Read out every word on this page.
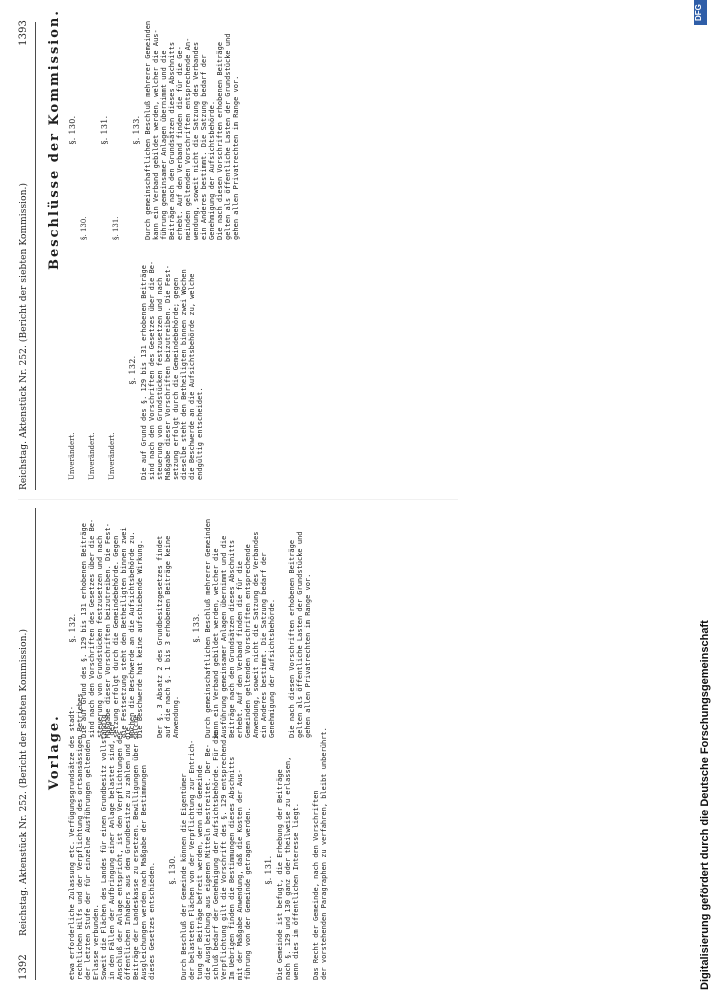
1392
Reichstag. Aktenstück Nr. 252. (Bericht der siebten Kommission.)
Reichstag. Aktenstück Nr. 252. (Bericht der siebten Kommission.)
1393
Vorlage.
Beschlüsse der Kommission.
etwa erforderliche Zulassung etc. Verfügungsgrundsätze des stadt- rechtlichen Hilfs und der Verpflichtung des ortsansässigen Betriebes der letzten Stufe der für einzelne Ausführungen geltenden Erlasse verbunden. Soweit die Flächen des Landes für einen Grundbesitz vollständig in den Fällen der Aufbringung einer Anlage belastet sind, der Anschluß der Anlage entspricht, ist den Verpflichtungen des öffentlichen Inhabers aus dem Grundbesitze zu zahlen und die Beiträge der Landeskasse zu ersetzen. Bewilligungen über solche Ausgleichungen werden nach Maßgabe der Bestimmungen dieses Gesetzes entschieden. §. 130. Durch Beschluß der Gemeinde können die Eigentümer der belasteten Flächen von der Verpflichtung zur Entrich- tung der Beiträge befreit werden, wenn die Gemeinde die Ausgleichung aus eigenen Mitteln bestreitet. Der Be- schluß bedarf der Genehmigung der Aufsichtsbehörde. Für die Verpflichtung gilt die Vorschrift des §. 129 entsprechend. Im Uebrigen finden die Bestimmungen dieses Abschnitts mit der Maßgabe Anwendung, daß die Kosten der Aus- führung von der Gemeinde getragen werden. §. 131. Die Gemeinde ist befugt, die Erhebung der Beiträge nach §. 129 und 130 ganz oder theilweise zu erlassen, wenn dies im öffentlichen Interesse liegt. Das Recht der Gemeinde, nach den Vorschriften der vorstehenden Paragraphen zu verfahren, bleibt unberührt.
§. 132. Die auf Grund des §. 129 bis 131 erhobenen Beiträge sind nach den Vorschriften des Gesetzes über die Be- steuerung von Grundstücken festzusetzen und nach Maßgabe dieser Vorschriften beizutreiben. Die Fest- setzung erfolgt durch die Gemeindebehörde. Gegen die Festsetzung steht den Betheiligten binnen zwei Wochen die Beschwerde an die Aufsichtsbehörde zu. Die Beschwerde hat keine aufschiebende Wirkung. Der §. 3 Absatz 2 des Grundbesitzgesetzes findet auf die nach §. 1 bis 3 erhobenen Beiträge keine Anwendung.
§. 133. Durch gemeinschaftlichen Beschluß mehrerer Gemeinden kann ein Verband gebildet werden, welcher die Ausführung gemeinsamer Anlagen übernimmt und die Beiträge nach den Grundsätzen dieses Abschnitts erhebt. Auf den Verband finden die für die Gemeinden geltenden Vorschriften entsprechende Anwendung, soweit nicht die Satzung des Verbandes ein Anderes bestimmt. Die Satzung bedarf der Genehmigung der Aufsichtsbehörde. Die nach diesen Vorschriften erhobenen Beiträge gelten als öffentliche Lasten der Grundstücke und gehen allen Privatrechten im Range vor.
Unverändert. Unverändert. Unverändert.
§. 132. Die auf Grund des §. 129 bis 131 erhobenen Beiträge sind nach den Vorschriften des Gesetzes über die Be- steuerung von Grundstücken festzusetzen und nach Maßgabe dieser Vorschriften beizutreiben. Die Fest- setzung erfolgt durch die Gemeindebehörde; gegen dieselbe steht den Betheiligten binnen zwei Wochen die Beschwerde an die Aufsichtsbehörde zu, welche endgültig entscheidet.
§. 130.
§. 130.
§. 131.
§. 131.
§. 133. Durch gemeinschaftlichen Beschluß mehrerer Gemeinden kann ein Verband gebildet werden, welcher die Aus- führung gemeinsamer Anlagen übernimmt und die Beiträge nach den Grundsätzen dieses Abschnitts erhebt. Auf den Verband finden die für die Ge- meinden geltenden Vorschriften entsprechende An- wendung, soweit nicht die Satzung des Verbandes ein Anderes bestimmt. Die Satzung bedarf der Genehmigung der Aufsichtsbehörde. Die nach diesen Vorschriften erhobenen Beiträge gelten als öffentliche Lasten der Grundstücke und gehen allen Privatrechten im Range vor.
DFG
Digitalisierung gefördert durch die Deutsche Forschungsgemeinschaft
